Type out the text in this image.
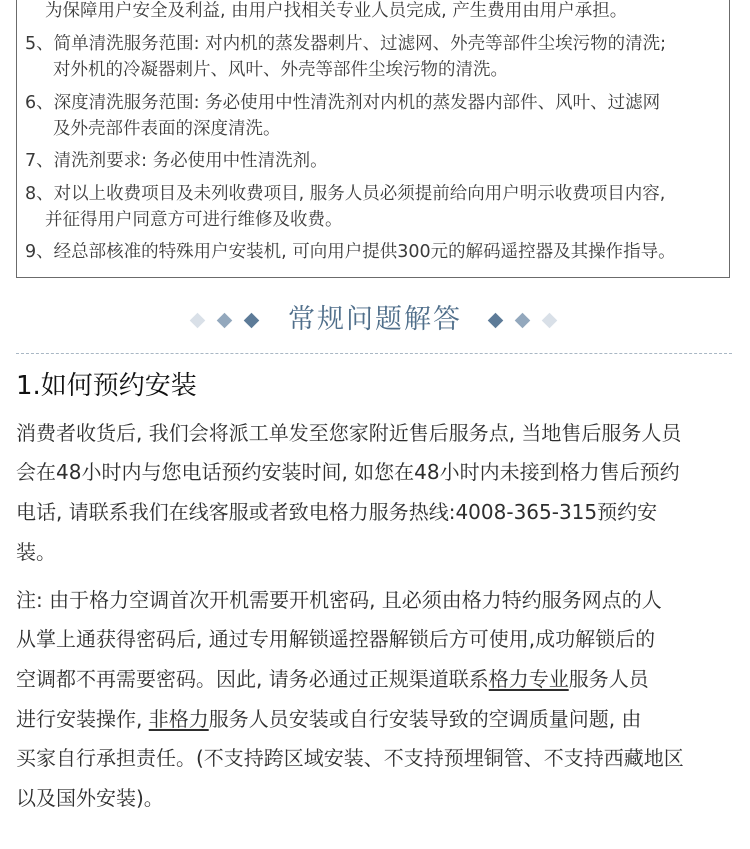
为保障用户安全及利益, 由用户找相关专业人员完成, 产生费用由用户承担。
5、简单清洗服务范围: 对内机的蒸发器刺片、过滤网、外壳等部件尘埃污物的清洗;
对外机的冷凝器刺片、风叶、外壳等部件尘埃污物的清洗。
6、深度清洗服务范围: 务必使用中性清洗剂对内机的蒸发器内部件、风叶、过滤网
及外壳部件表面的深度清洗。
7、清洗剂要求: 务必使用中性清洗剂。
8、对以上收费项目及未列收费项目, 服务人员必须提前给向用户明示收费项目内容,
并征得用户同意方可进行维修及收费。
9、经总部核准的特殊用户安装机, 可向用户提供300元的解码遥控器及其操作指导。
常规问题解答
1.如何预约安装
消费者收货后, 我们会将派工单发至您家附近售后服务点, 当地售后服务人员
会在48小时内与您电话预约安装时间, 如您在48小时内未接到格力售后预约
电话, 请联系我们在线客服或者致电格力服务热线:4008-365-315预约安
装。
注: 由于格力空调首次开机需要开机密码, 且必须由格力特约服务网点的人
从掌上通获得密码后, 通过专用解锁遥控器解锁后方可使用,成功解锁后的
空调都不再需要密码。因此, 请务必通过正规渠道联系格力专业服务人员
进行安装操作, 非格力服务人员安装或自行安装导致的空调质量问题, 由
买家自行承担责任。(不支持跨区域安装、不支持预埋铜管、不支持西藏地区
以及国外安装)。
